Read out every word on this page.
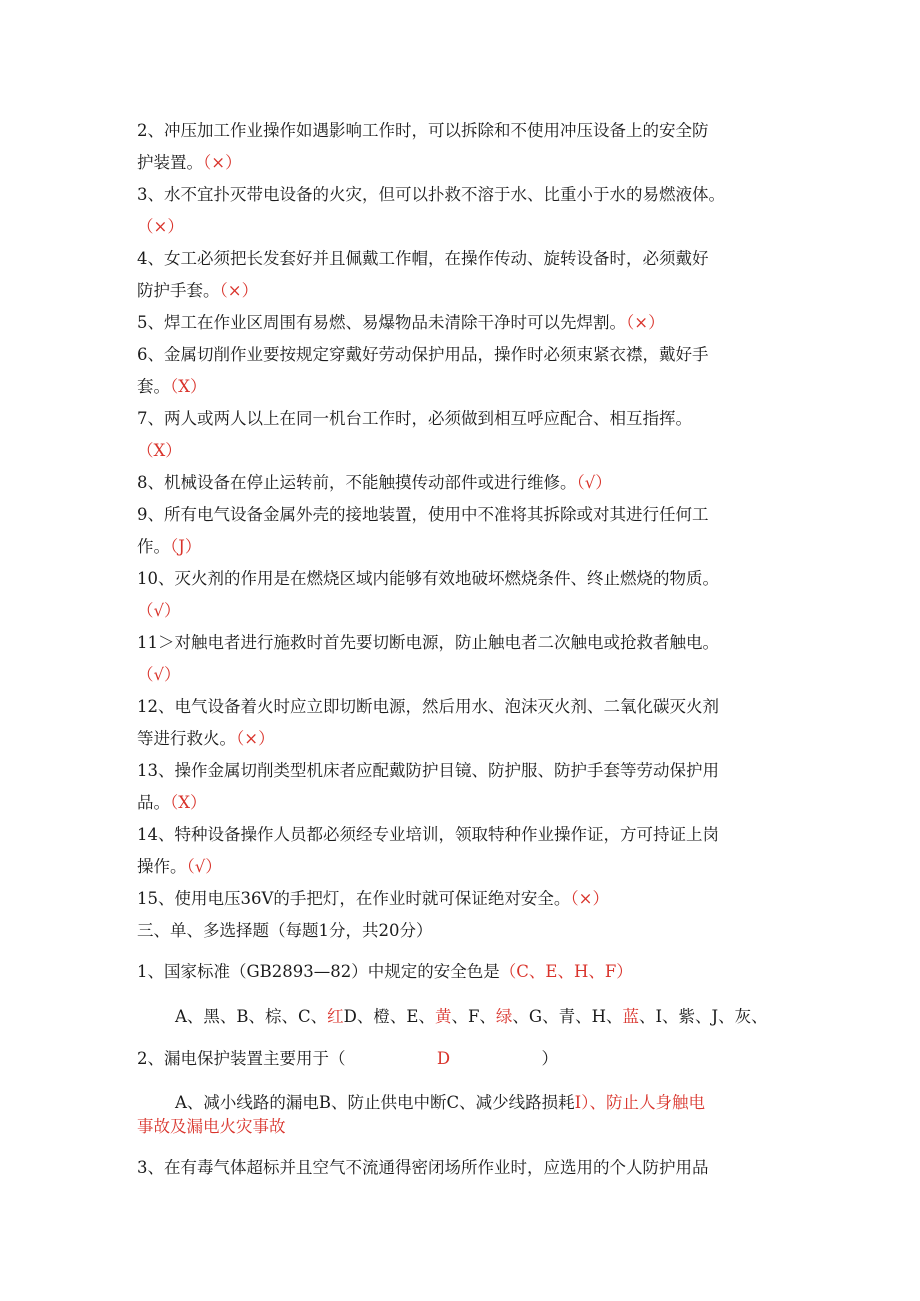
2、冲压加工作业操作如遇影响工作时，可以拆除和不使用冲压设备上的安全防
护装置。（×）
3、水不宜扑灭带电设备的火灾，但可以扑救不溶于水、比重小于水的易燃液体。
（×）
4、女工必须把长发套好并且佩戴工作帽，在操作传动、旋转设备时，必须戴好
防护手套。（×）
5、焊工在作业区周围有易燃、易爆物品未清除干净时可以先焊割。（×）
6、金属切削作业要按规定穿戴好劳动保护用品，操作时必须束紧衣襟，戴好手
套。（X）
7、两人或两人以上在同一机台工作时，必须做到相互呼应配合、相互指挥。
（X）
8、机械设备在停止运转前，不能触摸传动部件或进行维修。（√）
9、所有电气设备金属外壳的接地装置，使用中不准将其拆除或对其进行任何工
作。（J）
10、灭火剂的作用是在燃烧区域内能够有效地破坏燃烧条件、终止燃烧的物质。
（√）
11＞对触电者进行施救时首先要切断电源，防止触电者二次触电或抢救者触电。
（√）
12、电气设备着火时应立即切断电源，然后用水、泡沫灭火剂、二氧化碳灭火剂
等进行救火。（×）
13、操作金属切削类型机床者应配戴防护目镜、防护服、防护手套等劳动保护用
品。（X）
14、特种设备操作人员都必须经专业培训，领取特种作业操作证，方可持证上岗
操作。（√）
15、使用电压36V的手把灯，在作业时就可保证绝对安全。（×）
三、单、多选择题（每题1分，共20分）
1、国家标准（GB2893—82）中规定的安全色是（C、E、H、F）
A、黑、B、棕、C、红D、橙、E、黄、F、绿、G、青、H、蓝、I、紫、J、灰、
2、漏电保护装置主要用于（	D	）
A、减小线路的漏电B、防止供电中断C、减少线路损耗I）、防止人身触电
事故及漏电火灾事故
3、在有毒气体超标并且空气不流通得密闭场所作业时，应选用的个人防护用品
